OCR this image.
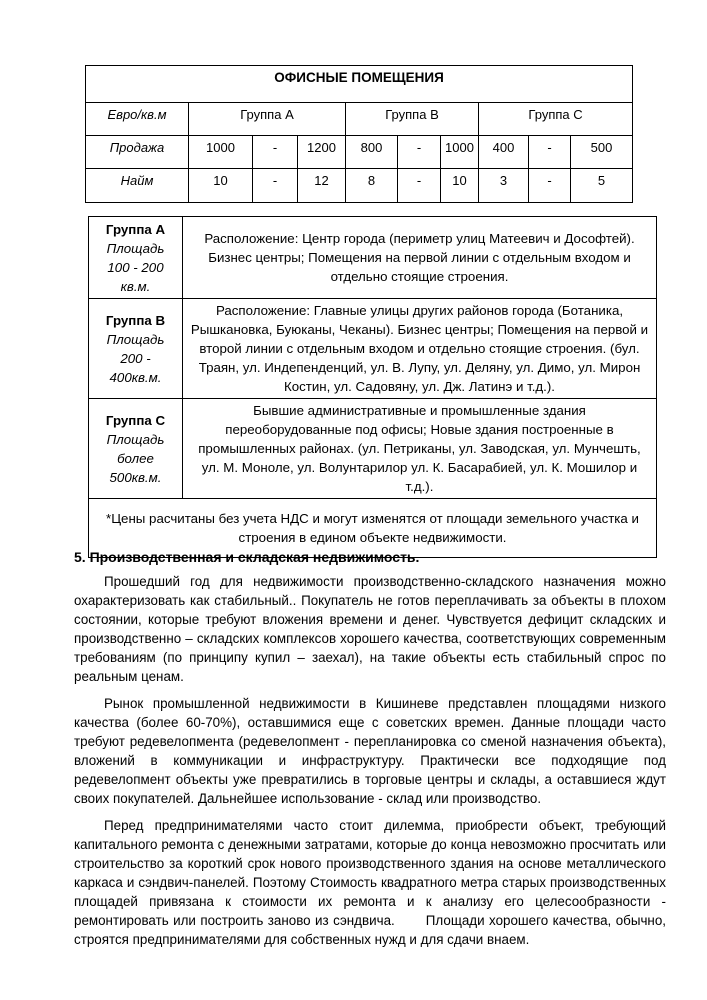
ОФИСНЫЕ ПОМЕЩЕНИЯ									
Евро/кв.м	Группа A			Группа B			Группа C		
Продажа	1000	-	1200	800	-	1000	400	-	500
Найм	10	-	12	8	-	10	3	-	5
Группа A
Площадь
100 - 200
кв.м.	Расположение: Центр города (периметр улиц Матеевич и Дософтей). Бизнес центры; Помещения на первой линии с отдельным входом и отдельно стоящие строения.

Группа B
Площадь
200 - 400кв.м.
	Расположение: Главные улицы других районов города (Ботаника, Рышкановка, Буюканы, Чеканы). Бизнес центры; Помещения на первой и второй линии с отдельным входом и отдельно стоящие строения. (бул. Траян, ул. Индепенденций, ул. В. Лупу, ул. Деляну, ул. Димо, ул. Мирон Костин, ул. Садовяну, ул. Дж. Латинэ и т.д.).

Группа C
Площадь
более
500кв.м.
	Бывшие административные и промышленные здания переоборудованные под офисы; Новые здания построенные в промышленных районах. (ул. Петриканы, ул. Заводская, ул. Мунчешть, ул. М. Моноле, ул. Волунтарилор ул. К. Басарабией, ул. К. Мошилор и т.д.).
*Цены расчитаны без учета НДС и могут изменятся от площади земельного участка и строения в едином объекте недвижимости.	
5. Производственная и складская недвижимость.

Прошедший год для недвижимости производственно-складского назначения можно охарактеризовать как стабильный.. Покупатель не готов переплачивать за объекты в плохом состоянии, которые требуют вложения времени и денег. Чувствуется дефицит складских и производственно – складских комплексов хорошего качества, соответствующих современным требованиям (по принципу купил – заехал), на такие объекты есть стабильный спрос по реальным ценам.

Рынок промышленной недвижимости в Кишиневе представлен площадями низкого качества (более 60-70%), оставшимися еще с советских времен. Данные площади часто требуют редевелопмента (редевелопмент - перепланировка со сменой назначения объекта), вложений в коммуникации и инфраструктуру. Практически все подходящие под редевелопмент объекты уже превратились в торговые центры и склады, а оставшиеся ждут своих покупателей. Дальнейшее использование - склад или производство.

Перед предпринимателями часто стоит дилемма, приобрести объект, требующий капитального ремонта с денежными затратами, которые до конца невозможно просчитать или строительство за короткий срок нового производственного здания на основе металлического каркаса и сэндвич-панелей. Поэтому Стоимость квадратного метра старых производственных площадей привязана к стоимости их ремонта и к анализу его целесообразности - ремонтировать или построить заново из сэндвича.       Площади хорошего качества, обычно, строятся предпринимателями для собственных нужд и для сдачи внаем.
